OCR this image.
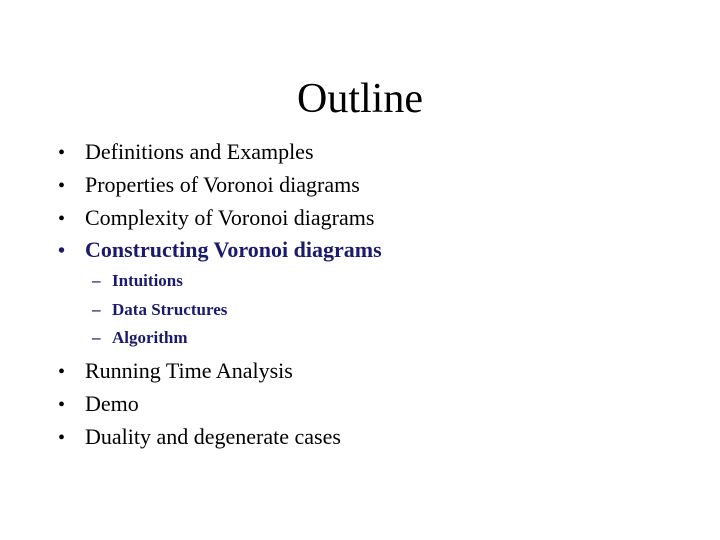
Outline
• Definitions and Examples
• Properties of Voronoi diagrams
• Complexity of Voronoi diagrams
• Constructing Voronoi diagrams
– Intuitions
– Data Structures
– Algorithm
• Running Time Analysis
• Demo
• Duality and degenerate cases
